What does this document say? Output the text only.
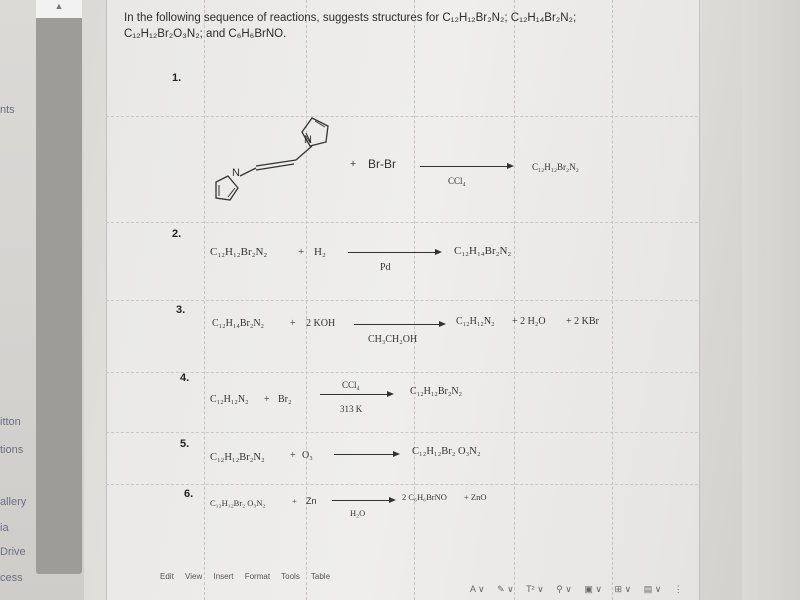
nts
itton
tions
allery
ia
Drive
cess
▲
In the following sequence of reactions, suggests structures for C₁₂H₁₂Br₂N₂; C₁₂H₁₄Br₂N₂;
C₁₂H₁₂Br₂O₃N₂; and C₆H₆BrNO.
1.
N
N
+ Br-Br
CCl₄
C₁₂H₁₂Br₂N₂
2.
C₁₂H₁₂Br₂N₂	+ H₂
Pd
C₁₂H₁₄Br₂N₂
3.
C₁₂H₁₄Br₂N₂	+ 2 KOH
CH₃CH₂OH
C₁₂H₁₂N₂ + 2 H₂O + 2 KBr
4.
C₁₂H₁₂N₂ + Br₂
CCl₄
313 K
C₁₂H₁₂Br₂N₂
5.
C₁₂H₁₂Br₂N₂	+ O₃ → C₁₂H₁₂Br₂ O₃N₂
6.
C₁₂H₁₂Br₂ O₃N₂	+ Zn →
H₂O
2 C₆H₆BrNO + ZnO
Edit View Insert Format Tools Table
A ∨ ✎ ∨ T² ∨ ⚲ ∨ ▣ ∨ ⊞ ∨ ▤ ∨ ⋮
